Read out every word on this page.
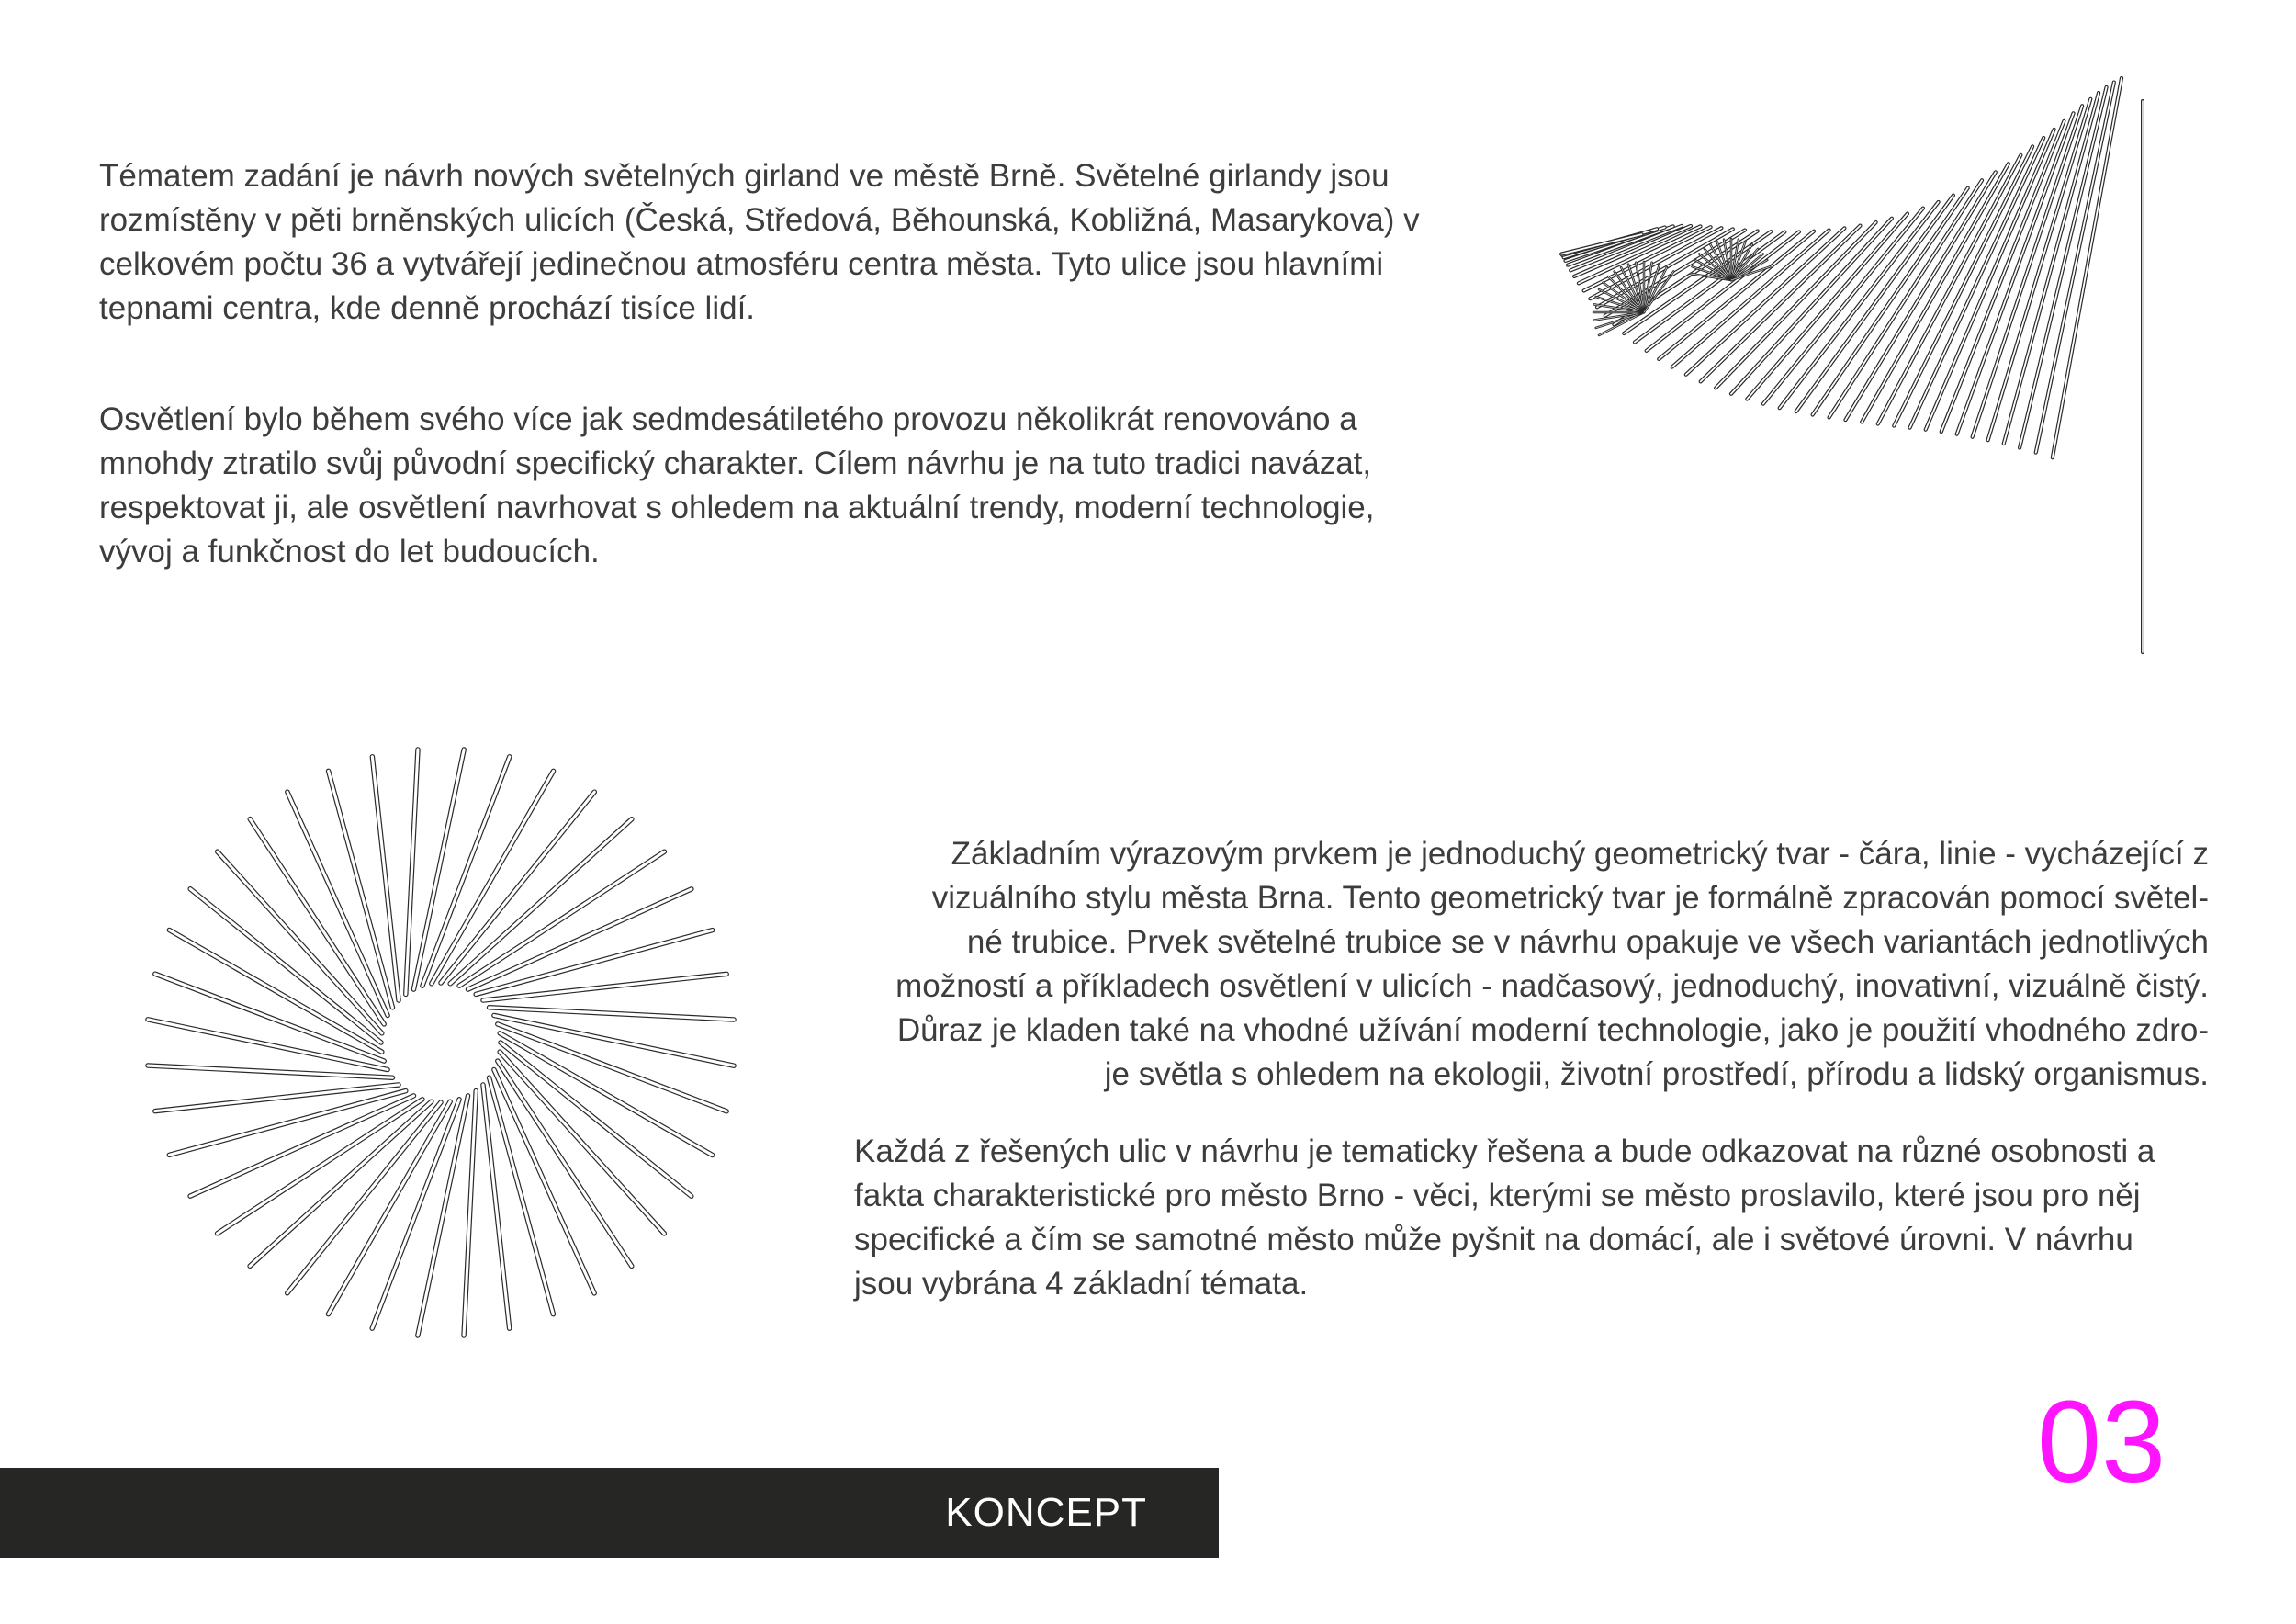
Tématem zadání je návrh nových světelných girland ve městě Brně. Světelné girlandy jsou
rozmístěny v pěti brněnských ulicích (Česká, Středová, Běhounská, Kobližná, Masarykova) v
celkovém počtu 36 a vytvářejí jedinečnou atmosféru centra města. Tyto ulice jsou hlavními
tepnami centra, kde denně prochází tisíce lidí.

Osvětlení bylo během svého více jak sedmdesátiletého provozu několikrát renovováno a
mnohdy ztratilo svůj původní specifický charakter. Cílem návrhu je na tuto tradici navázat,
respektovat ji, ale osvětlení navrhovat s ohledem na aktuální trendy, moderní technologie,
vývoj a funkčnost do let budoucích.

Základním výrazovým prvkem je jednoduchý geometrický tvar - čára, linie - vycházející z
vizuálního stylu města Brna. Tento geometrický tvar je formálně zpracován pomocí světel-
né trubice. Prvek světelné trubice se v návrhu opakuje ve všech variantách jednotlivých
možností a příkladech osvětlení v ulicích - nadčasový, jednoduchý, inovativní, vizuálně čistý.
Důraz je kladen také na vhodné užívání moderní technologie, jako je použití vhodného zdro-
je světla s ohledem na ekologii, životní prostředí, přírodu a lidský organismus.

Každá z řešených ulic v návrhu je tematicky řešena a bude odkazovat na různé osobnosti a
fakta charakteristické pro město Brno - věci, kterými se město proslavilo, které jsou pro něj
specifické a čím se samotné město může pyšnit na domácí, ale i světové úrovni. V návrhu
jsou vybrána 4 základní témata.

KONCEPT
03
